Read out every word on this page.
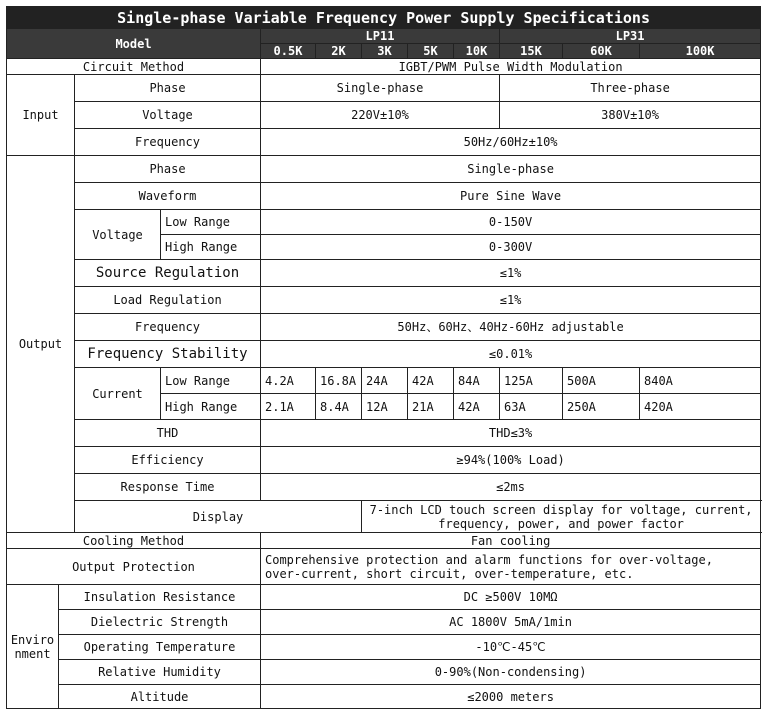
Single-phase Variable Frequency Power Supply Specifications											
Model				LP11					LP31		
				0.5K	2K	3K	5K	10K	15K	60K	100K
Circuit Method				IGBT/PWM Pulse Width Modulation							
Input		Phase		Single-phase					Three-phase		
		Voltage		220V±10%					380V±10%		
		Frequency		50Hz/60Hz±10%							
Output		Phase		Single-phase							
		Waveform		Pure Sine Wave							
		Voltage	Low Range	0-150V							
			High Range	0-300V							
		Source Regulation		≤1%							
		Load Regulation		≤1%							
		Frequency		50Hz、60Hz、40Hz-60Hz adjustable							
		Frequency Stability		≤0.01%							
		Current	Low Range	4.2A	16.8A	24A	42A	84A	125A	500A	840A
			High Range	2.1A	8.4A	12A	21A	42A	63A	250A	420A
		THD		THD≤3%							
		Efficiency		≥94%(100% Load)							
		Response Time		≤2ms							
		Display				7-inch LCD touch screen display for voltage, current, frequency, power, and power factor					
Cooling Method				Fan cooling							
Output Protection				Comprehensive protection and alarm functions for over-voltage, over-current, short circuit, over-temperature, etc.							
Environment	Insulation Resistance			DC ≥500V 10MΩ							
	Dielectric Strength			AC 1800V 5mA/1min							
	Operating Temperature			-10℃-45℃							
	Relative Humidity			0-90%(Non-condensing)							
	Altitude			≤2000 meters							
